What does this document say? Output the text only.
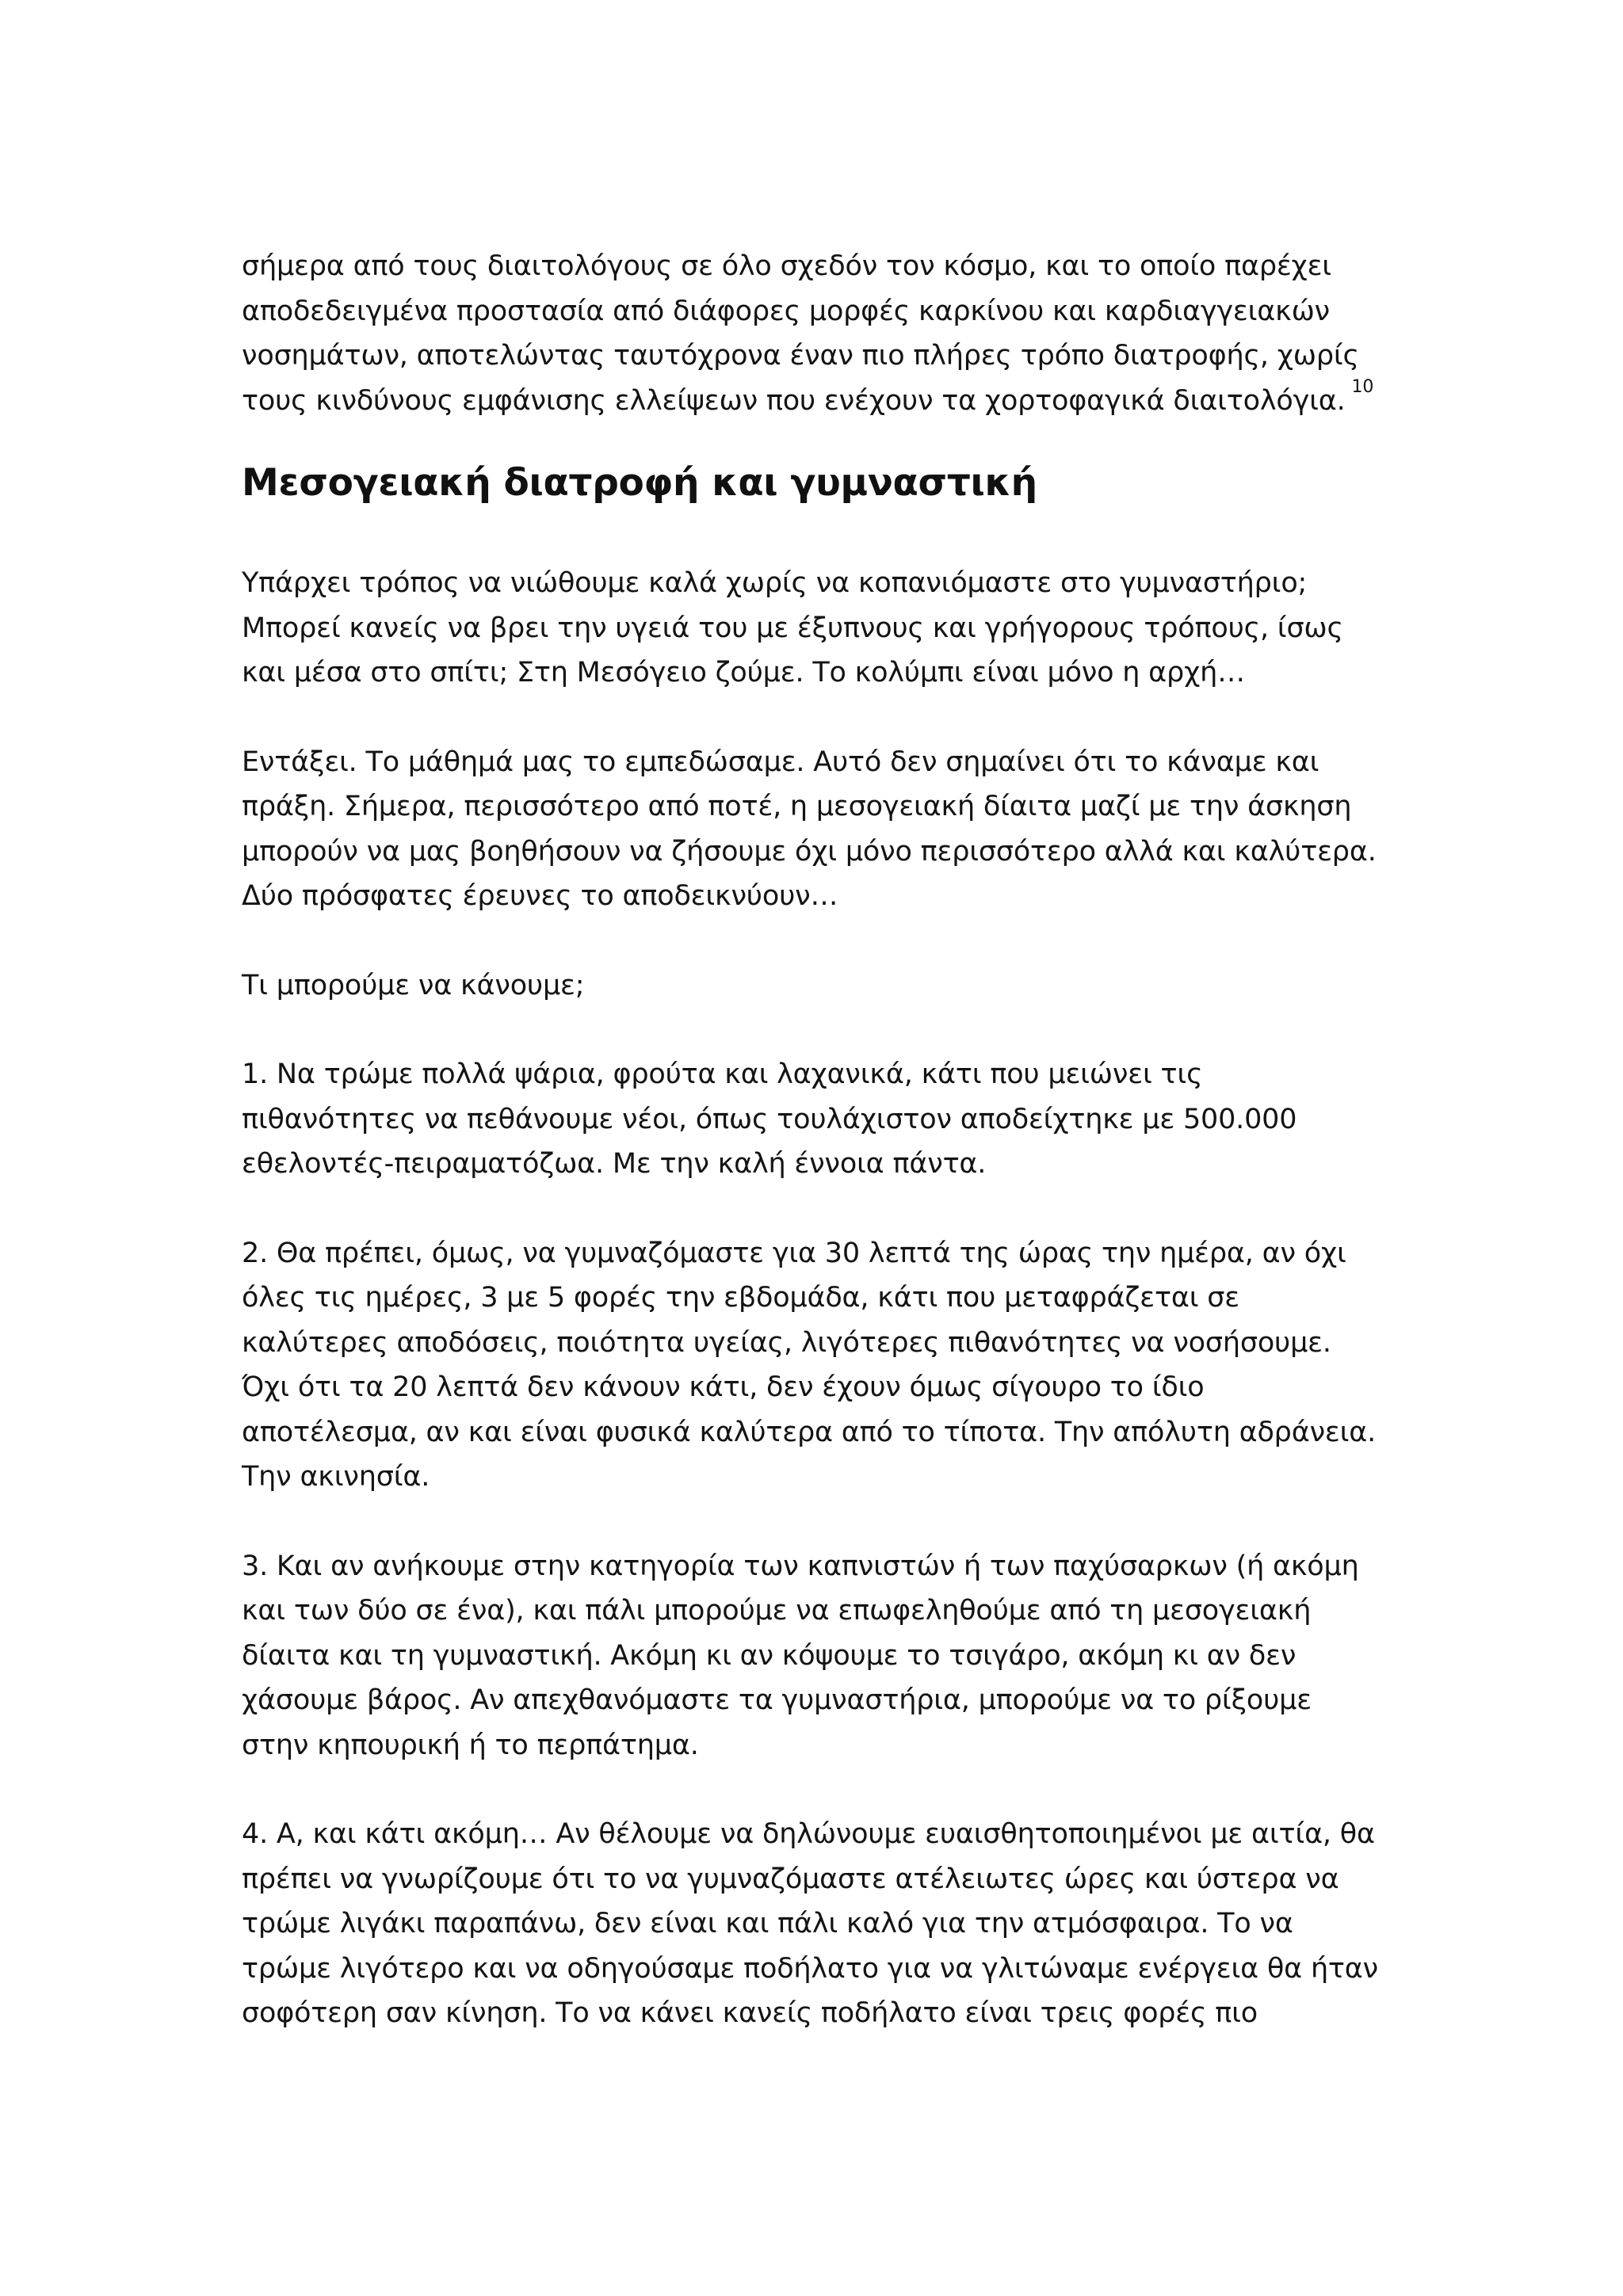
σήμερα από τους διαιτολόγους σε όλο σχεδόν τον κόσμο, και το οποίο παρέχει
αποδεδειγμένα προστασία από διάφορες μορφές καρκίνου και καρδιαγγειακών
νοσημάτων, αποτελώντας ταυτόχρονα έναν πιο πλήρες τρόπο διατροφής, χωρίς
τους κινδύνους εμφάνισης ελλείψεων που ενέχουν τα χορτοφαγικά διαιτολόγια. $^{10}$

Μεσογειακή διατροφή και γυμναστική

Υπάρχει τρόπος να νιώθουμε καλά χωρίς να κοπανιόμαστε στο γυμναστήριο;
Μπορεί κανείς να βρει την υγειά του με έξυπνους και γρήγορους τρόπους, ίσως
και μέσα στο σπίτι; Στη Μεσόγειο ζούμε. Το κολύμπι είναι μόνο η αρχή…

Εντάξει. Το μάθημά μας το εμπεδώσαμε. Αυτό δεν σημαίνει ότι το κάναμε και
πράξη. Σήμερα, περισσότερο από ποτέ, η μεσογειακή δίαιτα μαζί με την άσκηση
μπορούν να μας βοηθήσουν να ζήσουμε όχι μόνο περισσότερο αλλά και καλύτερα.
Δύο πρόσφατες έρευνες το αποδεικνύουν…

Τι μπορούμε να κάνουμε;

1. Να τρώμε πολλά ψάρια, φρούτα και λαχανικά, κάτι που μειώνει τις
πιθανότητες να πεθάνουμε νέοι, όπως τουλάχιστον αποδείχτηκε με 500.000
εθελοντές-πειραματόζωα. Με την καλή έννοια πάντα.

2. Θα πρέπει, όμως, να γυμναζόμαστε για 30 λεπτά της ώρας την ημέρα, αν όχι
όλες τις ημέρες, 3 με 5 φορές την εβδομάδα, κάτι που μεταφράζεται σε
καλύτερες αποδόσεις, ποιότητα υγείας, λιγότερες πιθανότητες να νοσήσουμε.
Όχι ότι τα 20 λεπτά δεν κάνουν κάτι, δεν έχουν όμως σίγουρο το ίδιο
αποτέλεσμα, αν και είναι φυσικά καλύτερα από το τίποτα. Την απόλυτη αδράνεια.
Την ακινησία.

3. Και αν ανήκουμε στην κατηγορία των καπνιστών ή των παχύσαρκων (ή ακόμη
και των δύο σε ένα), και πάλι μπορούμε να επωφεληθούμε από τη μεσογειακή
δίαιτα και τη γυμναστική. Ακόμη κι αν κόψουμε το τσιγάρο, ακόμη κι αν δεν
χάσουμε βάρος. Αν απεχθανόμαστε τα γυμναστήρια, μπορούμε να το ρίξουμε
στην κηπουρική ή το περπάτημα.

4. Α, και κάτι ακόμη… Αν θέλουμε να δηλώνουμε ευαισθητοποιημένοι με αιτία, θα
πρέπει να γνωρίζουμε ότι το να γυμναζόμαστε ατέλειωτες ώρες και ύστερα να
τρώμε λιγάκι παραπάνω, δεν είναι και πάλι καλό για την ατμόσφαιρα. Το να
τρώμε λιγότερο και να οδηγούσαμε ποδήλατο για να γλιτώναμε ενέργεια θα ήταν
σοφότερη σαν κίνηση. Το να κάνει κανείς ποδήλατο είναι τρεις φορές πιο
